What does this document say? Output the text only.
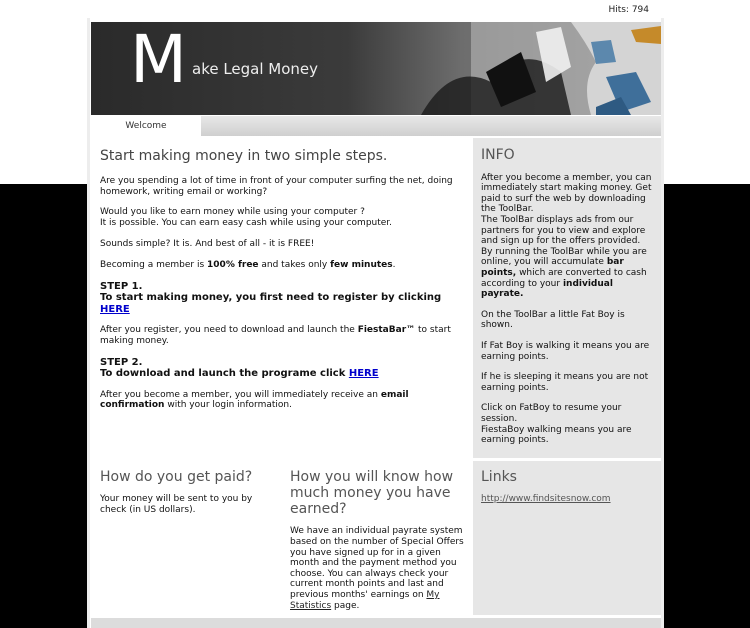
Hits: 794
M ake Legal Money
Welcome
Start making money in two simple steps.

Are you spending a lot of time in front of your computer surfing the net, doing homework, writing email or working?

Would you like to earn money while using your computer ?
It is possible. You can earn easy cash while using your computer.

Sounds simple? It is. And best of all - it is FREE!

Becoming a member is 100% free and takes only few minutes.

STEP 1.
To start making money, you first need to register by clicking HERE

After you register, you need to download and launch the FiestaBar™ to start making money.

STEP 2.
To download and launch the programe click HERE

After you become a member, you will immediately receive an email confirmation with your login information.

INFO

After you become a member, you can immediately start making money. Get paid to surf the web by downloading the ToolBar.
The ToolBar displays ads from our partners for you to view and explore and sign up for the offers provided. By running the ToolBar while you are online, you will accumulate bar points, which are converted to cash according to your individual payrate.

On the ToolBar a little Fat Boy is shown.

If Fat Boy is walking it means you are earning points.

If he is sleeping it means you are not earning points.

Click on FatBoy to resume your session.
FiestaBoy walking means you are earning points.

How do you get paid?

Your money will be sent to you by check (in US dollars).

How you will know how much money you have earned?

We have an individual payrate system based on the number of Special Offers you have signed up for in a given month and the payment method you choose. You can always check your current month points and last and previous months' earnings on My Statistics page.

Links
http://www.findsitesnow.com
